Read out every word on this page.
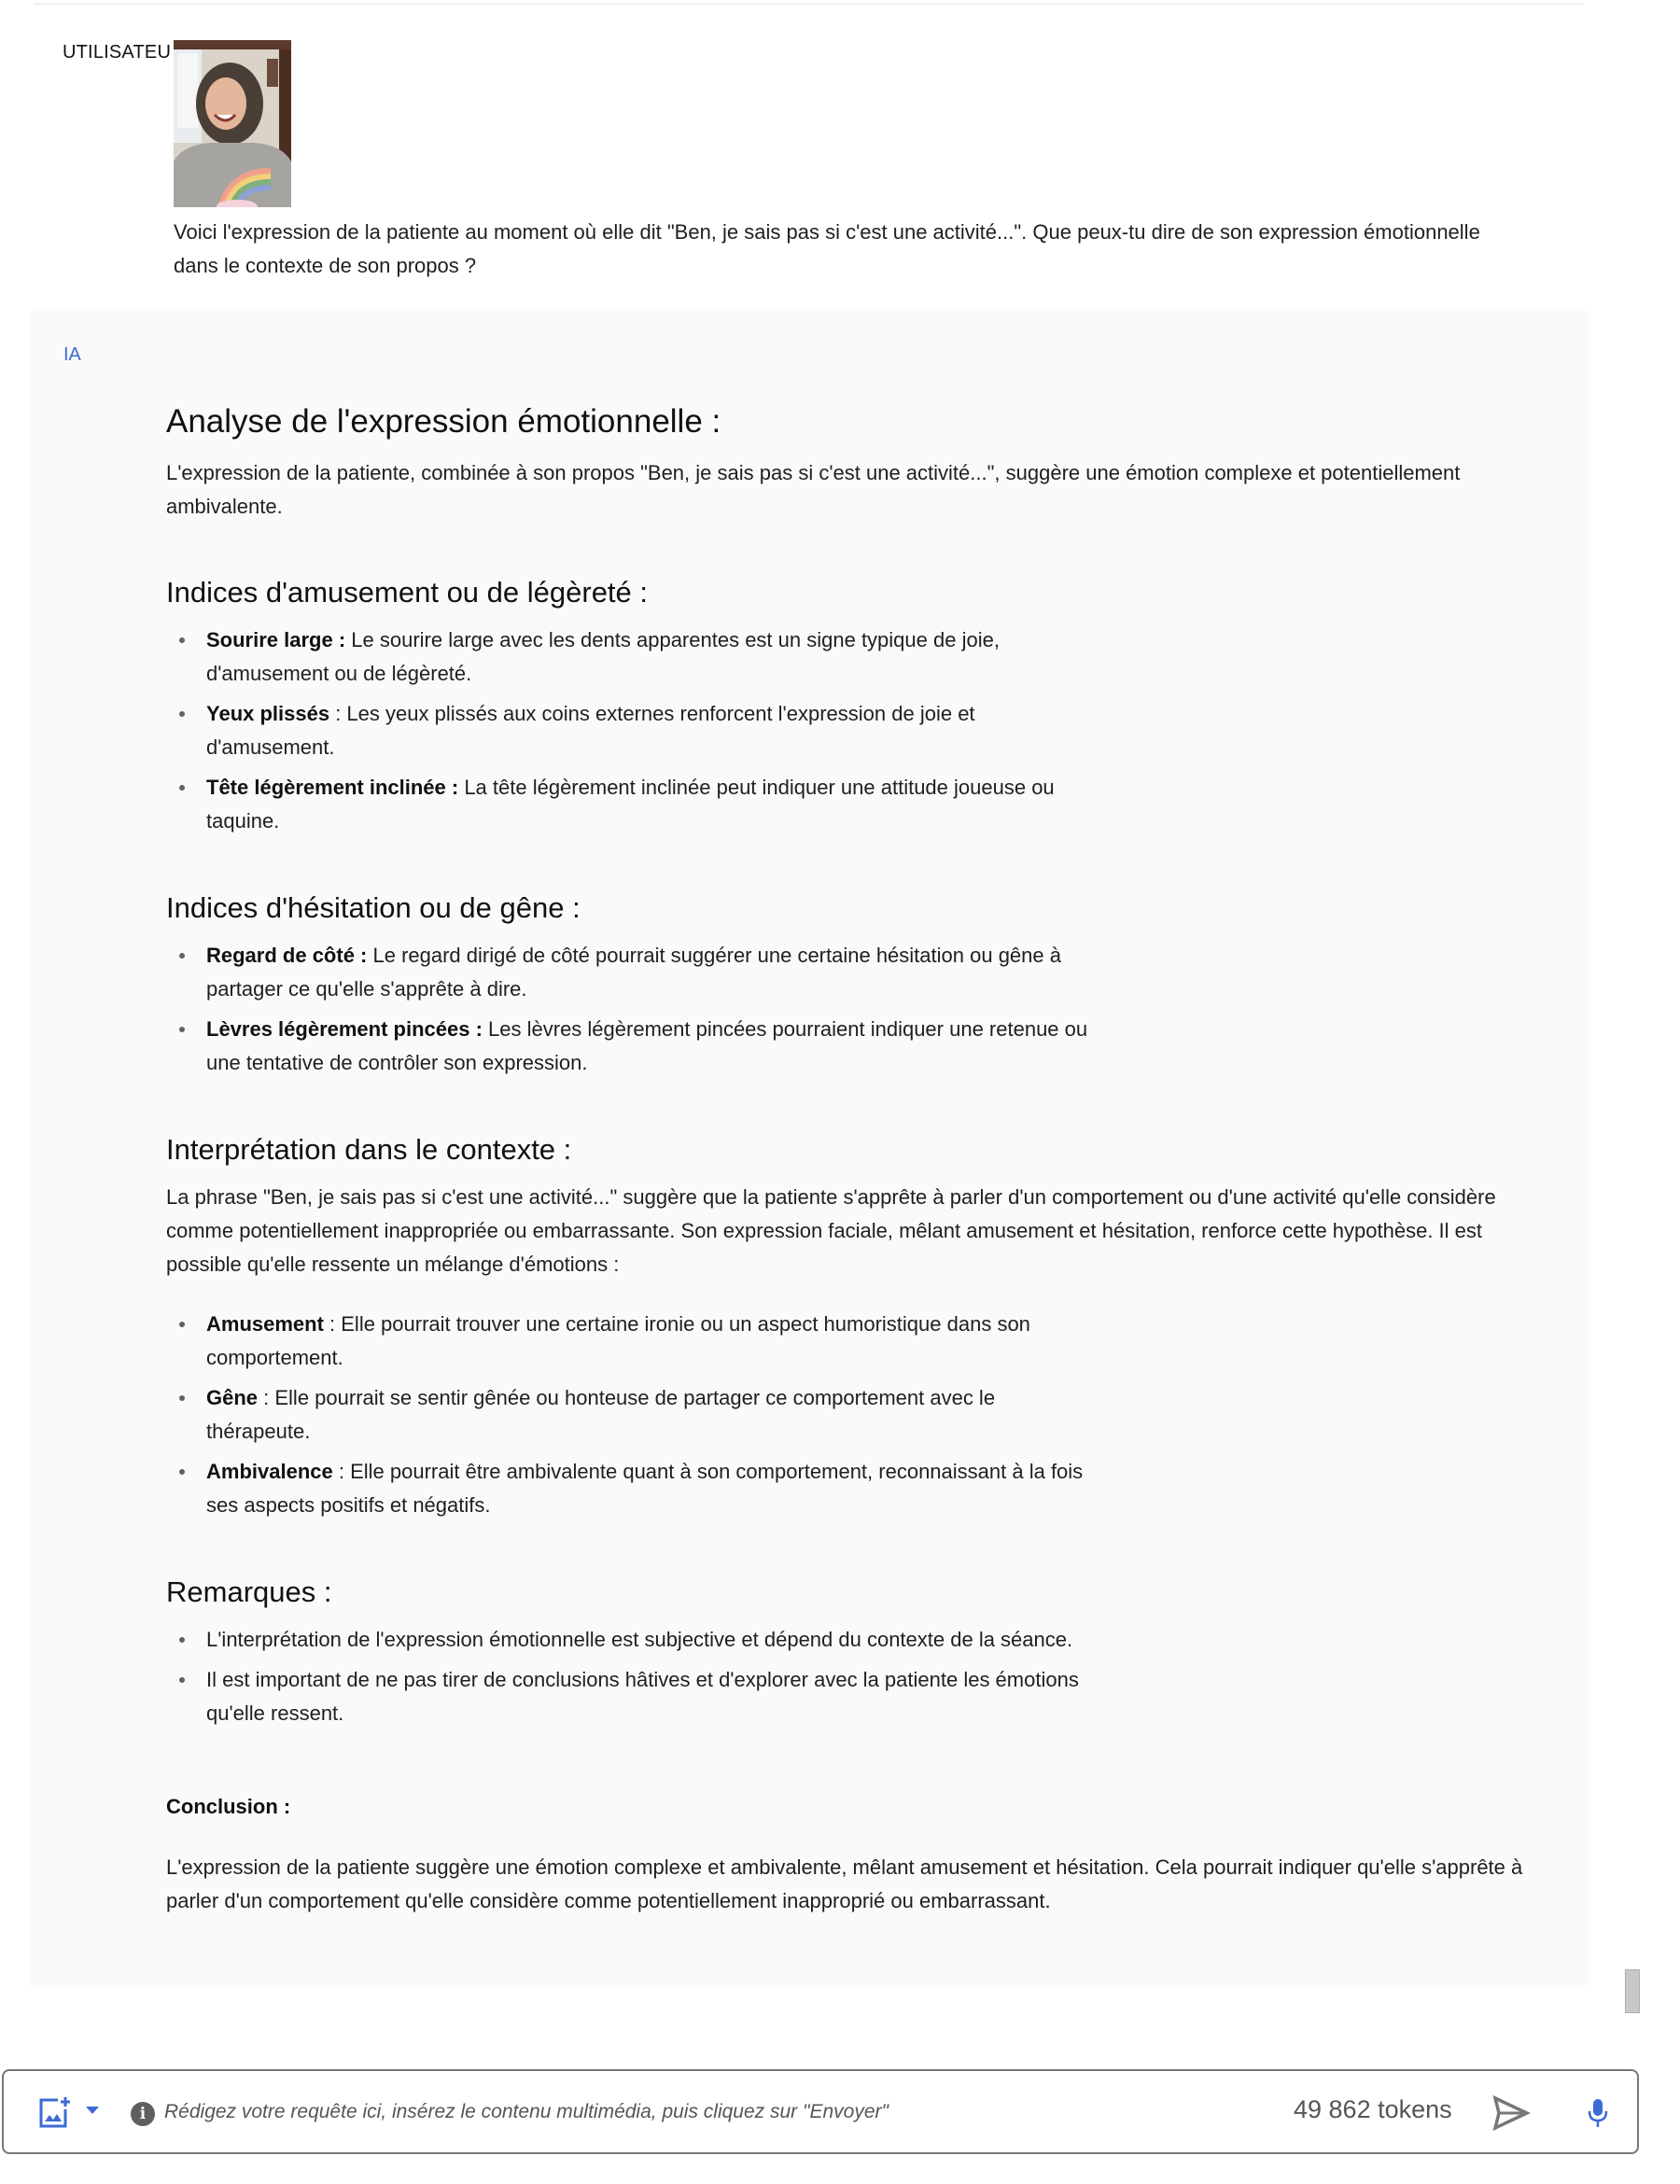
UTILISATEU
Voici l'expression de la patiente au moment où elle dit "Ben, je sais pas si c'est une activité...". Que peux-tu dire de son expression émotionnelle dans le contexte de son propos ?
IA
Analyse de l'expression émotionnelle :
L'expression de la patiente, combinée à son propos "Ben, je sais pas si c'est une activité...", suggère une émotion complexe et potentiellement ambivalente.
Indices d'amusement ou de légèreté :
Sourire large : Le sourire large avec les dents apparentes est un signe typique de joie, d'amusement ou de légèreté.
Yeux plissés : Les yeux plissés aux coins externes renforcent l'expression de joie et d'amusement.
Tête légèrement inclinée : La tête légèrement inclinée peut indiquer une attitude joueuse ou taquine.
Indices d'hésitation ou de gêne :
Regard de côté : Le regard dirigé de côté pourrait suggérer une certaine hésitation ou gêne à partager ce qu'elle s'apprête à dire.
Lèvres légèrement pincées : Les lèvres légèrement pincées pourraient indiquer une retenue ou une tentative de contrôler son expression.
Interprétation dans le contexte :
La phrase "Ben, je sais pas si c'est une activité..." suggère que la patiente s'apprête à parler d'un comportement ou d'une activité qu'elle considère comme potentiellement inappropriée ou embarrassante. Son expression faciale, mêlant amusement et hésitation, renforce cette hypothèse. Il est possible qu'elle ressente un mélange d'émotions :
Amusement : Elle pourrait trouver une certaine ironie ou un aspect humoristique dans son comportement.
Gêne : Elle pourrait se sentir gênée ou honteuse de partager ce comportement avec le thérapeute.
Ambivalence : Elle pourrait être ambivalente quant à son comportement, reconnaissant à la fois ses aspects positifs et négatifs.
Remarques :
L'interprétation de l'expression émotionnelle est subjective et dépend du contexte de la séance.
Il est important de ne pas tirer de conclusions hâtives et d'explorer avec la patiente les émotions qu'elle ressent.
Conclusion :
L'expression de la patiente suggère une émotion complexe et ambivalente, mêlant amusement et hésitation. Cela pourrait indiquer qu'elle s'apprête à parler d'un comportement qu'elle considère comme potentiellement inapproprié ou embarrassant.
i
Rédigez votre requête ici, insérez le contenu multimédia, puis cliquez sur "Envoyer"	49 862 tokens
